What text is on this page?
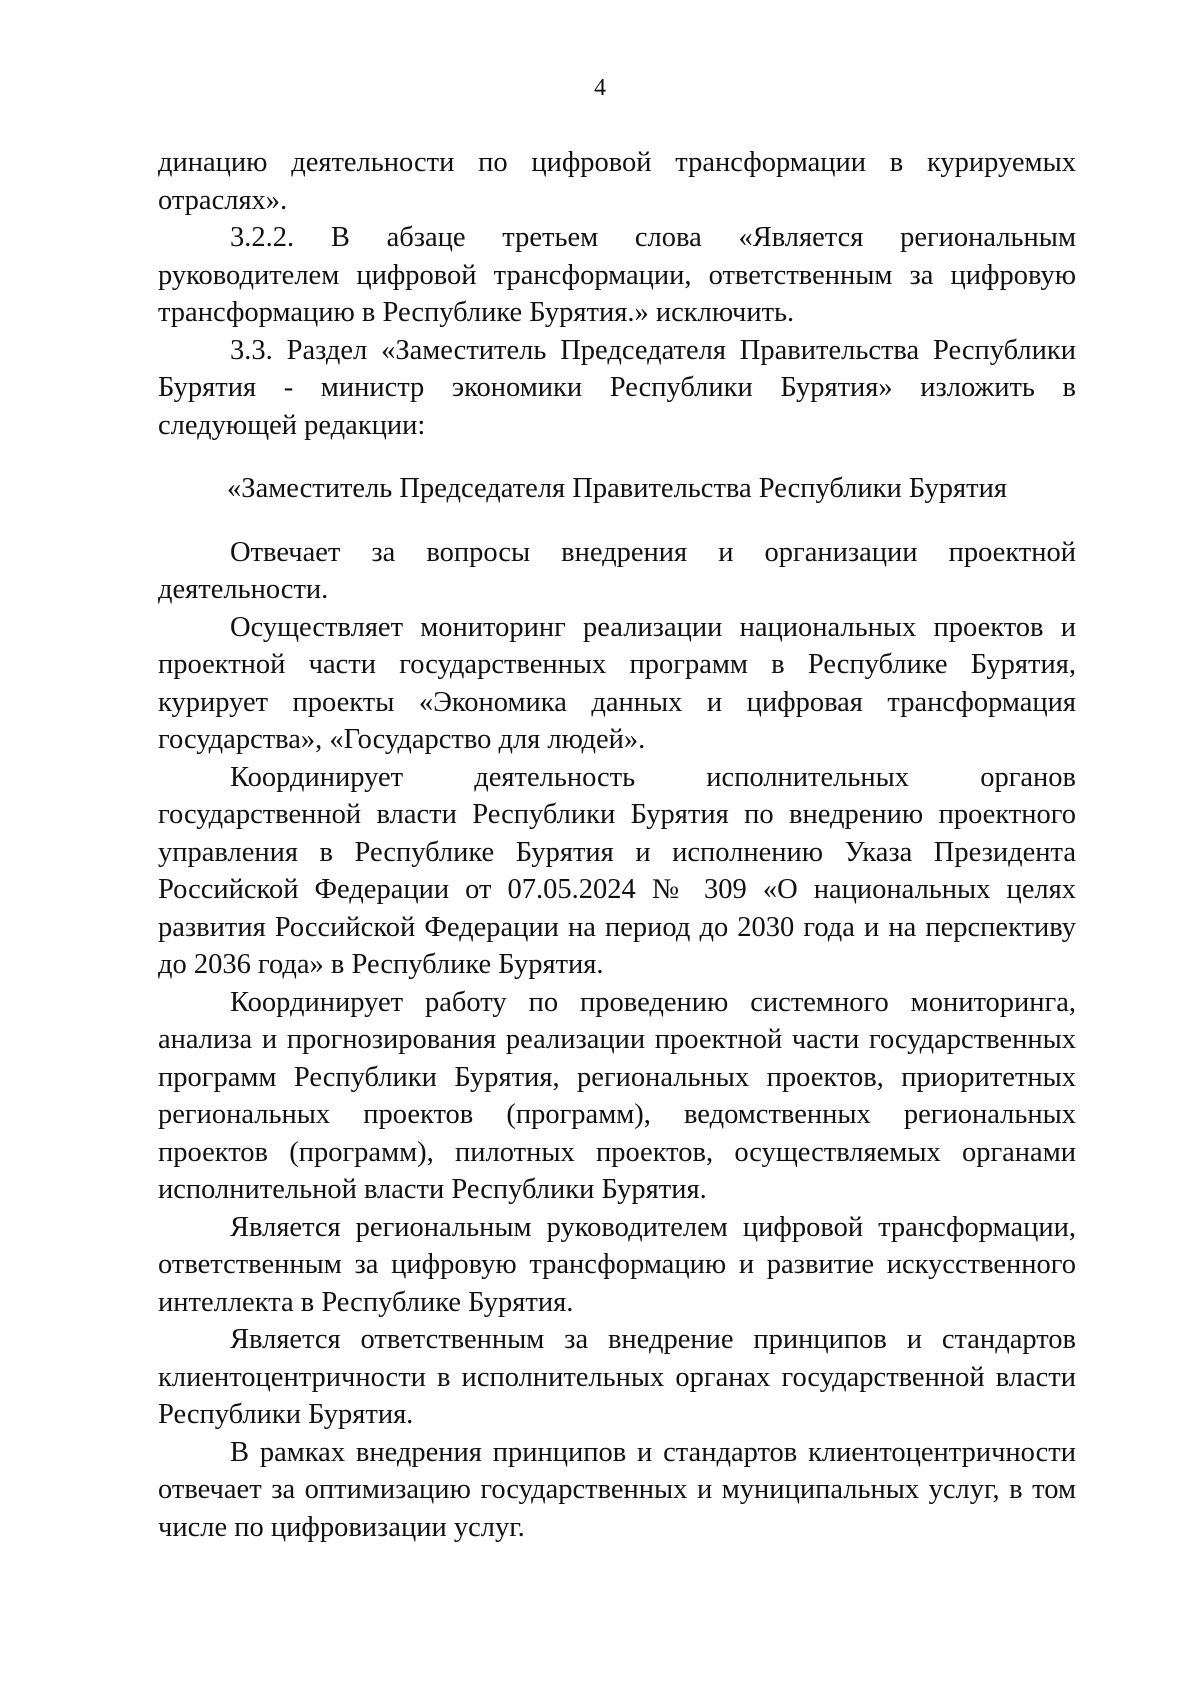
4

динацию деятельности по цифровой трансформации в курируемых отраслях».

3.2.2. В абзаце третьем слова «Является региональным руководителем цифровой трансформации, ответственным за цифровую трансформацию в Республике Бурятия.» исключить.

3.3. Раздел «Заместитель Председателя Правительства Республики Бурятия - министр экономики Республики Бурятия» изложить в следующей редакции:

«Заместитель Председателя Правительства Республики Бурятия

Отвечает за вопросы внедрения и организации проектной деятельности.

Осуществляет мониторинг реализации национальных проектов и проектной части государственных программ в Республике Бурятия, курирует проекты «Экономика данных и цифровая трансформация государства», «Государство для людей».

Координирует деятельность исполнительных органов государственной власти Республики Бурятия по внедрению проектного управления в Республике Бурятия и исполнению Указа Президента Российской Федерации от 07.05.2024 № 309 «О национальных целях развития Российской Федерации на период до 2030 года и на перспективу до 2036 года» в Республике Бурятия.

Координирует работу по проведению системного мониторинга, анализа и прогнозирования реализации проектной части государственных программ Республики Бурятия, региональных проектов, приоритетных региональных проектов (программ), ведомственных региональных проектов (программ), пилотных проектов, осуществляемых органами исполнительной власти Республики Бурятия.

Является региональным руководителем цифровой трансформации, ответственным за цифровую трансформацию и развитие искусственного интеллекта в Республике Бурятия.

Является ответственным за внедрение принципов и стандартов клиентоцентричности в исполнительных органах государственной власти Республики Бурятия.

В рамках внедрения принципов и стандартов клиентоцентричности отвечает за оптимизацию государственных и муниципальных услуг, в том числе по цифровизации услуг.
